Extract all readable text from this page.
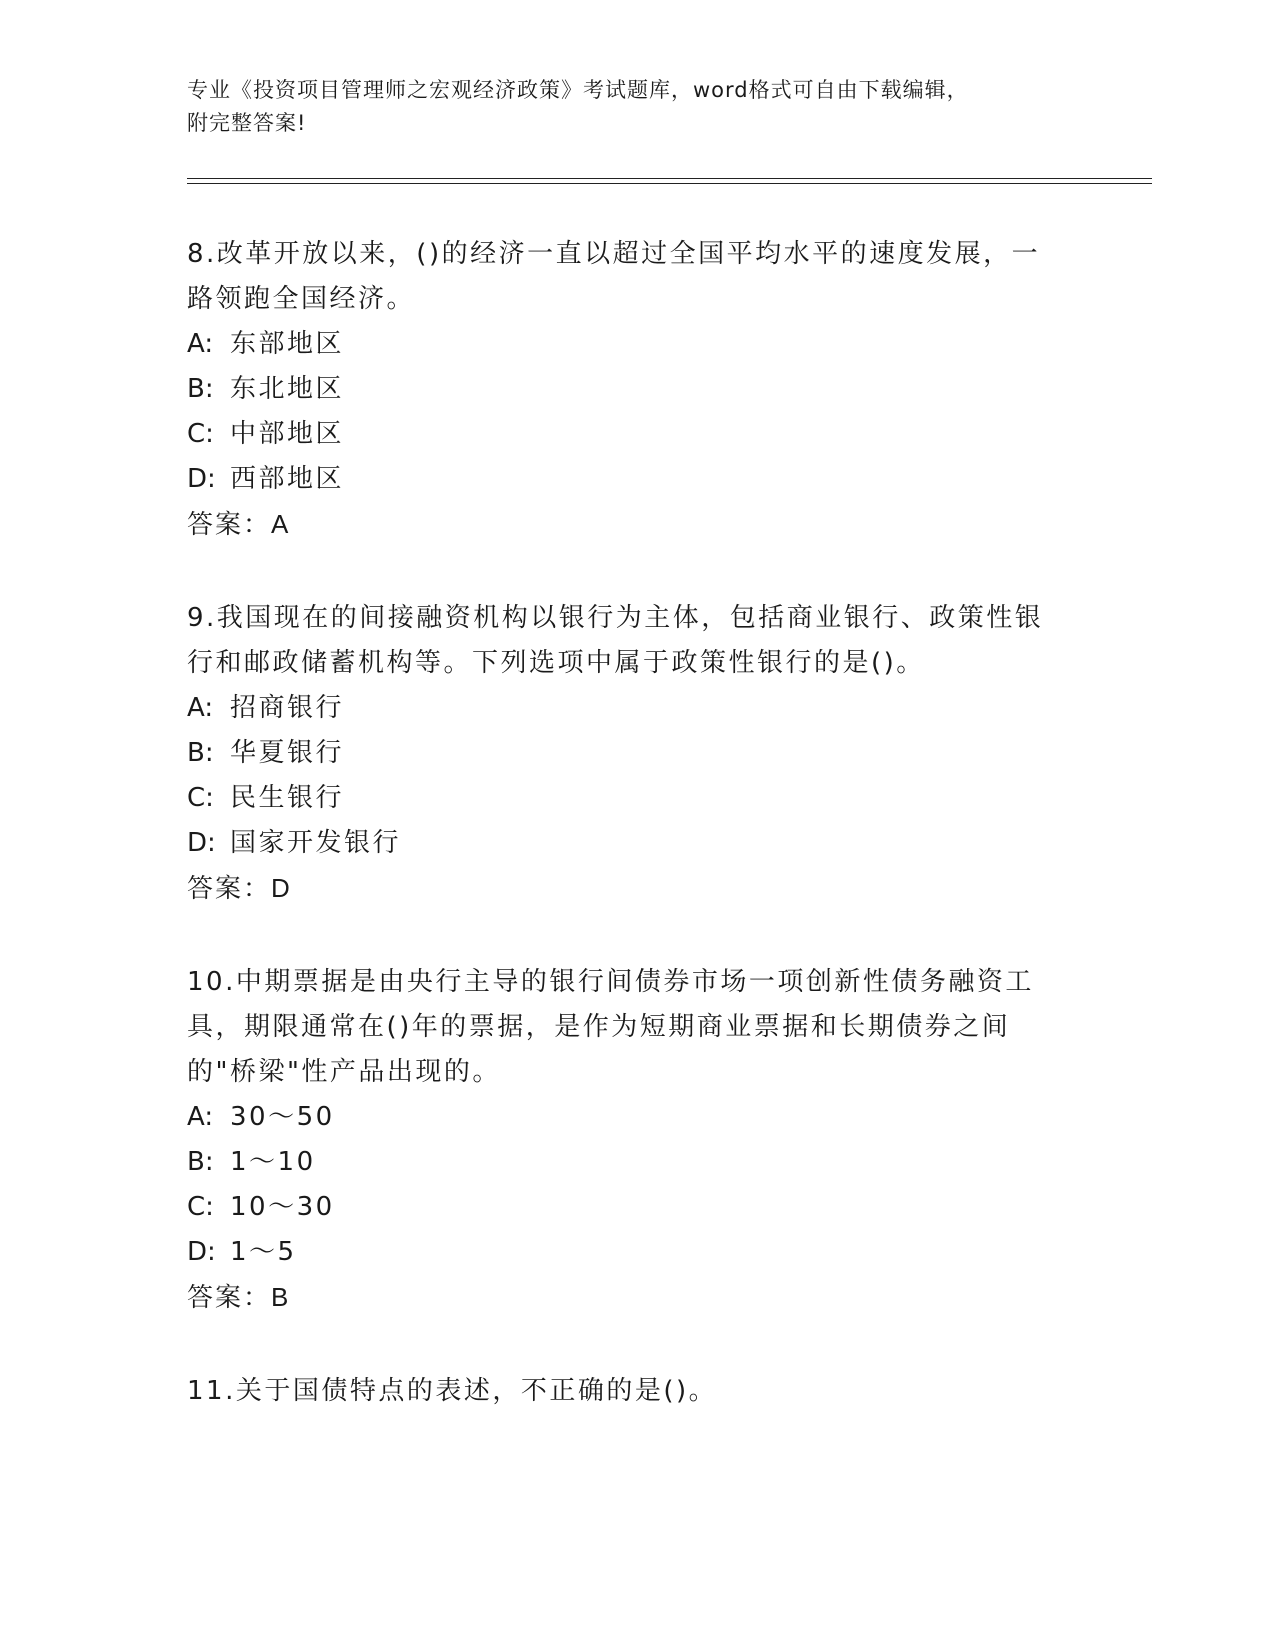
专业《投资项目管理师之宏观经济政策》考试题库，word格式可自由下载编辑，
附完整答案!
8.改革开放以来，()的经济一直以超过全国平均水平的速度发展，一路领跑全国经济。
A: 东部地区
B: 东北地区
C: 中部地区
D: 西部地区
答案：A
9.我国现在的间接融资机构以银行为主体，包括商业银行、政策性银行和邮政储蓄机构等。下列选项中属于政策性银行的是()。
A: 招商银行
B: 华夏银行
C: 民生银行
D: 国家开发银行
答案：D
10.中期票据是由央行主导的银行间债券市场一项创新性债务融资工具，期限通常在()年的票据，是作为短期商业票据和长期债券之间的"桥梁"性产品出现的。
A: 30～50
B: 1～10
C: 10～30
D: 1～5
答案：B
11.关于国债特点的表述，不正确的是()。
